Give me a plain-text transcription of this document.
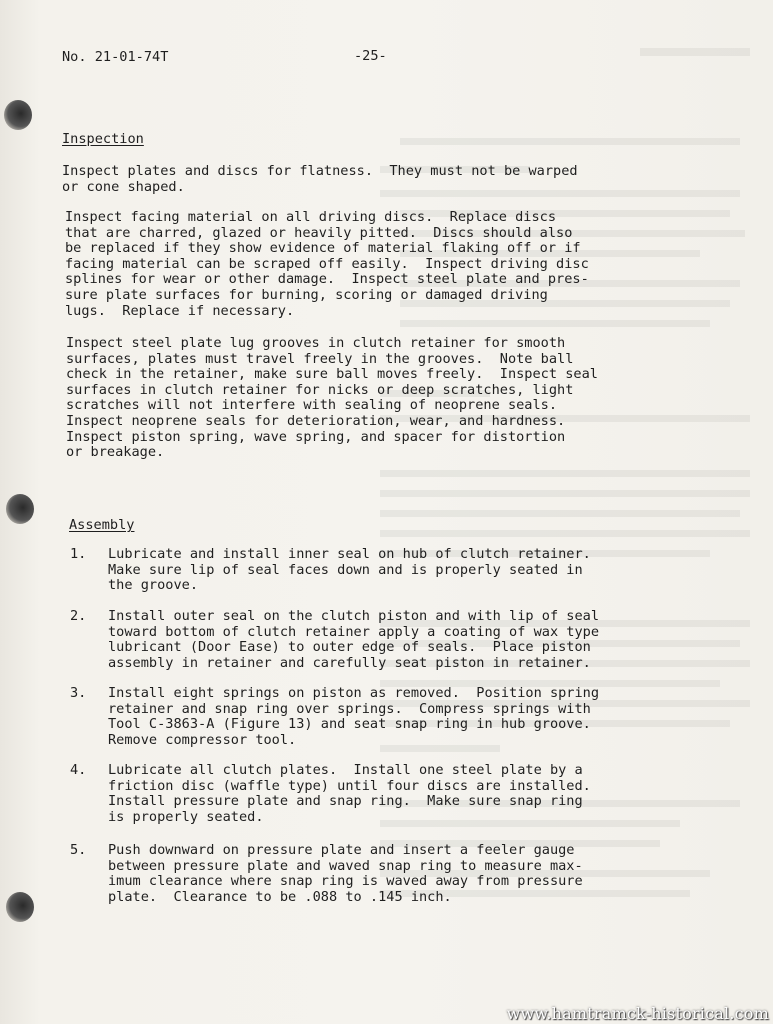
No. 21-01-74T	-25-
Inspection
Inspect plates and discs for flatness.  They must not be warped
or cone shaped.
Inspect facing material on all driving discs.  Replace discs
that are charred, glazed or heavily pitted.  Discs should also
be replaced if they show evidence of material flaking off or if
facing material can be scraped off easily.  Inspect driving disc
splines for wear or other damage.  Inspect steel plate and pres-
sure plate surfaces for burning, scoring or damaged driving
lugs.  Replace if necessary.
Inspect steel plate lug grooves in clutch retainer for smooth
surfaces, plates must travel freely in the grooves.  Note ball
check in the retainer, make sure ball moves freely.  Inspect seal
surfaces in clutch retainer for nicks or deep scratches, light
scratches will not interfere with sealing of neoprene seals.
Inspect neoprene seals for deterioration, wear, and hardness.
Inspect piston spring, wave spring, and spacer for distortion
or breakage.
Assembly
1. Lubricate and install inner seal on hub of clutch retainer.
Make sure lip of seal faces down and is properly seated in
the groove.
2. Install outer seal on the clutch piston and with lip of seal
toward bottom of clutch retainer apply a coating of wax type
lubricant (Door Ease) to outer edge of seals.  Place piston
assembly in retainer and carefully seat piston in retainer.
3. Install eight springs on piston as removed.  Position spring
retainer and snap ring over springs.  Compress springs with
Tool C-3863-A (Figure 13) and seat snap ring in hub groove.
Remove compressor tool.
4. Lubricate all clutch plates.  Install one steel plate by a
friction disc (waffle type) until four discs are installed.
Install pressure plate and snap ring.  Make sure snap ring
is properly seated.
5. Push downward on pressure plate and insert a feeler gauge
between pressure plate and waved snap ring to measure max-
imum clearance where snap ring is waved away from pressure
plate.  Clearance to be .088 to .145 inch.
www.hamtramck-historical.com
